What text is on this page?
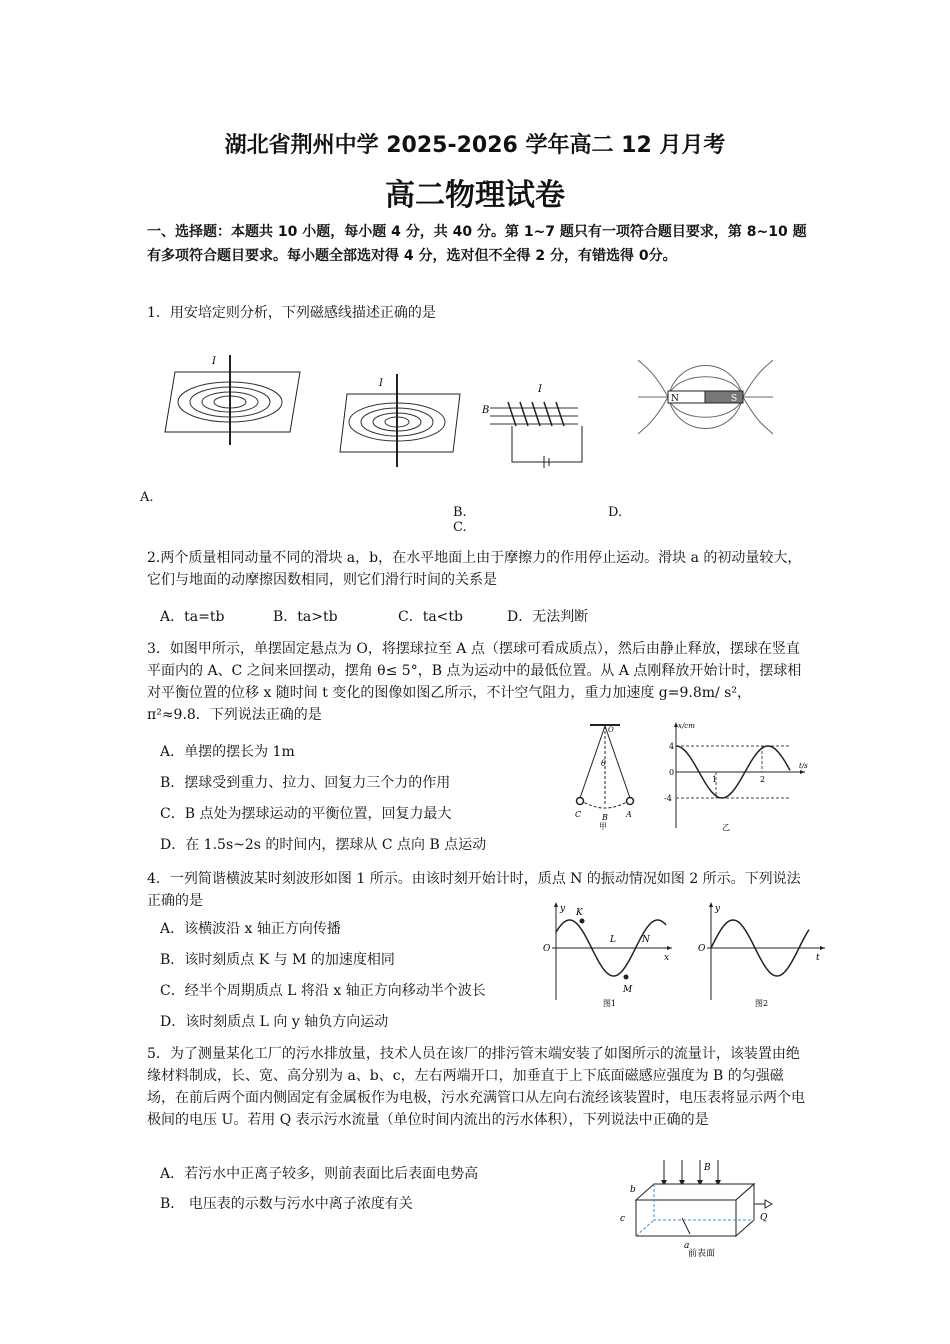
湖北省荆州中学 2025-2026 学年高二 12 月月考
高二物理试卷
一、选择题：本题共 10 小题，每小题 4 分，共 40 分。第 1~7 题只有一项符合题目要求，第 8~10 题有多项符合题目要求。每小题全部选对得 4 分，选对但不全得 2 分，有错选得 0分。
1．用安培定则分析，下列磁感线描述正确的是
I
I
B
I
N	S
A.
B.
C.
D.
2.两个质量相同动量不同的滑块 a，b，在水平地面上由于摩擦力的作用停止运动。滑块 a 的初动量较大，它们与地面的动摩擦因数相同，则它们滑行时间的关系是
A．ta=tb	B．ta>tb	C．ta<tb	D．无法判断
3．如图甲所示，单摆固定悬点为 O，将摆球拉至 A 点（摆球可看成质点），然后由静止释放，摆球在竖直平面内的 A、C 之间来回摆动，摆角 θ≤ 5°，B 点为运动中的最低位置。从 A 点刚释放开始计时，摆球相对平衡位置的位移 x 随时间 t 变化的图像如图乙所示，不计空气阻力，重力加速度 g=9.8m/ s²，π²≈9.8．下列说法正确的是
A．单摆的摆长为 1m
B．摆球受到重力、拉力、回复力三个力的作用
C．B 点处为摆球运动的平衡位置，回复力最大
D．在 1.5s~2s 的时间内，摆球从 C 点向 B 点运动
O
θ
C	B A
甲
x/cm
t/s
4
0
-4
1	2
乙
4．一列简谐横波某时刻波形如图 1 所示。由该时刻开始计时，质点 N 的振动情况如图 2 所示。下列说法正确的是
A．该横波沿 x 轴正方向传播
B．该时刻质点 K 与 M 的加速度相同
C．经半个周期质点 L 将沿 x 轴正方向移动半个波长
D．该时刻质点 L 向 y 轴负方向运动
y K
L	N
M
O
x
图1
y
O
t
图2
5．为了测量某化工厂的污水排放量，技术人员在该厂的排污管末端安装了如图所示的流量计，该装置由绝缘材料制成，长、宽、高分别为 a、b、c，左右两端开口，加垂直于上下底面磁感应强度为 B 的匀强磁场，在前后两个面内侧固定有金属板作为电极，污水充满管口从左向右流经该装置时，电压表将显示两个电极间的电压 U。若用 Q 表示污水流量（单位时间内流出的污水体积），下列说法中正确的是
A．若污水中正离子较多，则前表面比后表面电势高
B． 电压表的示数与污水中离子浓度有关
B
b
c
a
Q
前表面
